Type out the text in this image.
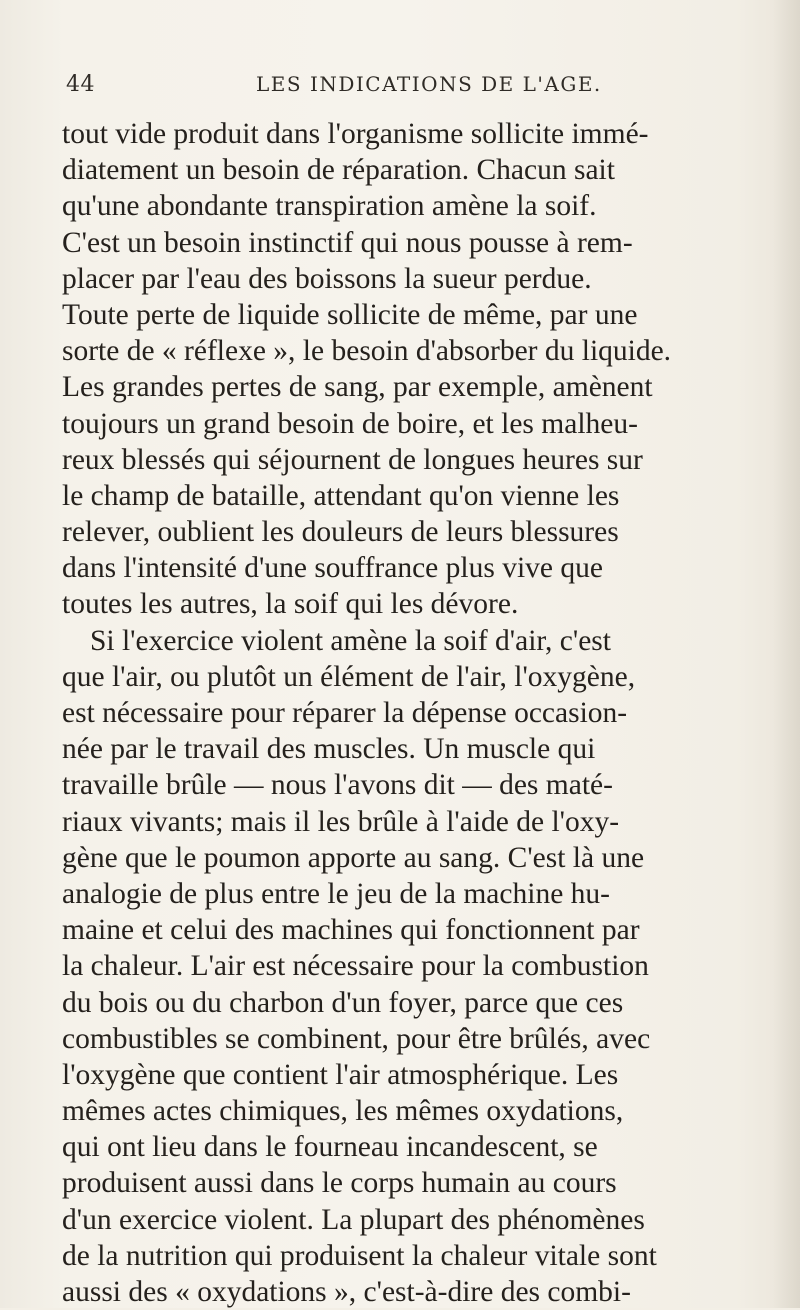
44	LES INDICATIONS DE L'AGE.
tout vide produit dans l'organisme sollicite immé-
diatement un besoin de réparation. Chacun sait
qu'une abondante transpiration amène la soif.
C'est un besoin instinctif qui nous pousse à rem-
placer par l'eau des boissons la sueur perdue.
Toute perte de liquide sollicite de même, par une
sorte de « réflexe », le besoin d'absorber du liquide.
Les grandes pertes de sang, par exemple, amènent
toujours un grand besoin de boire, et les malheu-
reux blessés qui séjournent de longues heures sur
le champ de bataille, attendant qu'on vienne les
relever, oublient les douleurs de leurs blessures
dans l'intensité d'une souffrance plus vive que
toutes les autres, la soif qui les dévore.
Si l'exercice violent amène la soif d'air, c'est
que l'air, ou plutôt un élément de l'air, l'oxygène,
est nécessaire pour réparer la dépense occasion-
née par le travail des muscles. Un muscle qui
travaille brûle — nous l'avons dit — des maté-
riaux vivants; mais il les brûle à l'aide de l'oxy-
gène que le poumon apporte au sang. C'est là une
analogie de plus entre le jeu de la machine hu-
maine et celui des machines qui fonctionnent par
la chaleur. L'air est nécessaire pour la combustion
du bois ou du charbon d'un foyer, parce que ces
combustibles se combinent, pour être brûlés, avec
l'oxygène que contient l'air atmosphérique. Les
mêmes actes chimiques, les mêmes oxydations,
qui ont lieu dans le fourneau incandescent, se
produisent aussi dans le corps humain au cours
d'un exercice violent. La plupart des phénomènes
de la nutrition qui produisent la chaleur vitale sont
aussi des « oxydations », c'est-à-dire des combi-
